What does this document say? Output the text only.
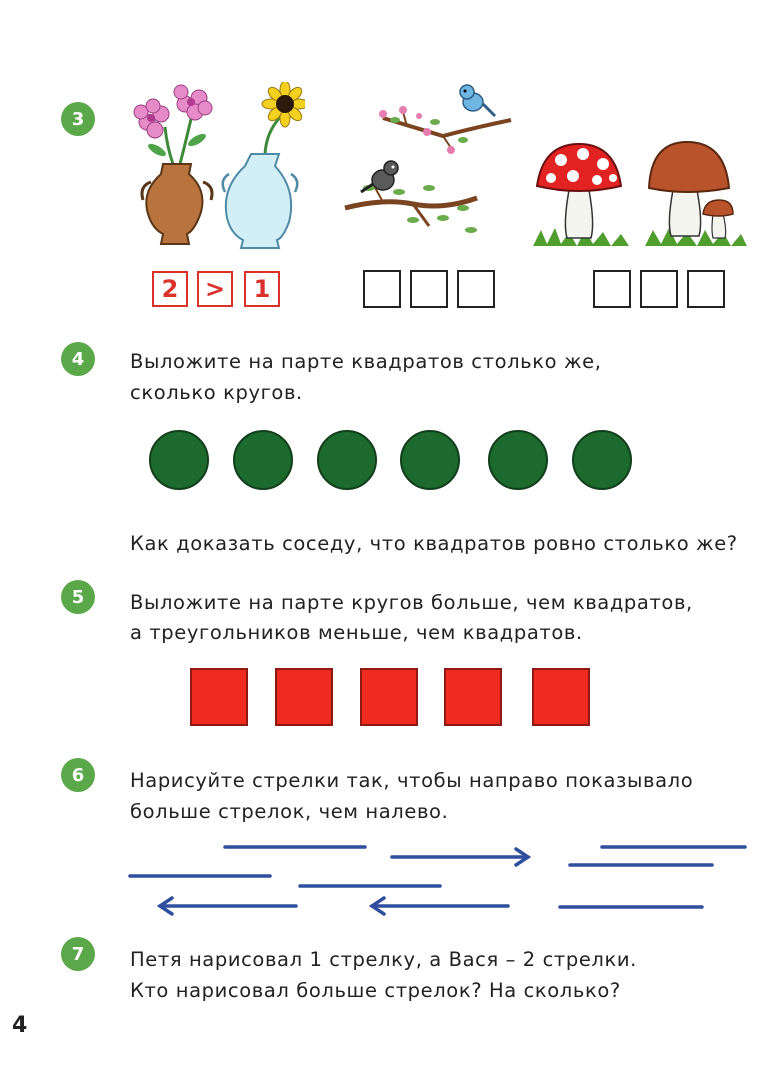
3
2	>	1
4	Выложите на парте квадратов столько же,
сколько кругов.
Как доказать соседу, что квадратов ровно столько же?
5	Выложите на парте кругов больше, чем квадратов,
а треугольников меньше, чем квадратов.
6	Нарисуйте стрелки так, чтобы направо показывало
больше стрелок, чем налево.
7	Петя нарисовал 1 стрелку, а Вася – 2 стрелки.
Кто нарисовал больше стрелок? На сколько?
4
